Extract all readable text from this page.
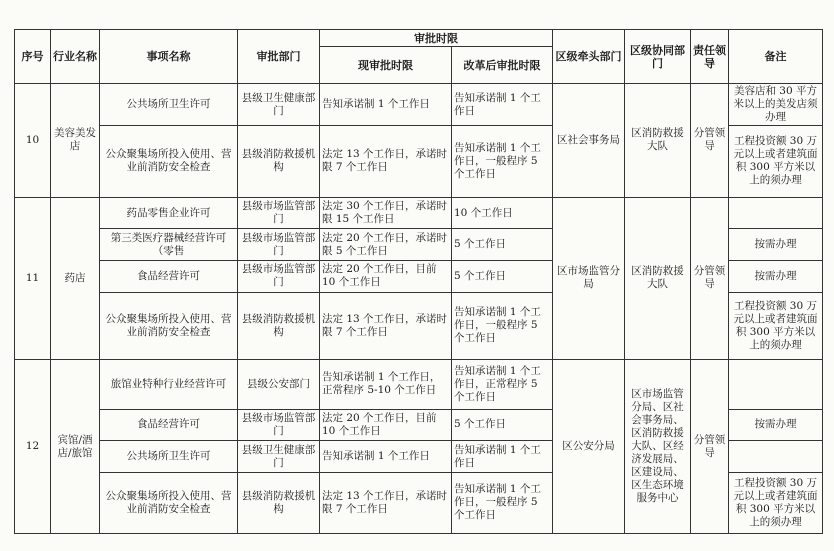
序号	行业名称	事项名称	审批部门	审批时限		区级牵头部门	区级协同部门	责任领导	备注
				现审批时限	改革后审批时限				
10	美容美发店	公共场所卫生许可	县级卫生健康部门	告知承诺制 1 个工作日	告知承诺制 1 个工作日	区社会事务局	区消防救援大队	分管领导	美容店和 30 平方米以上的美发店须办理
		公众聚集场所投入使用、营业前消防安全检查	县级消防救援机构	法定 13 个工作日，承诺时限 7 个工作日	告知承诺制 1 个工作日，一般程序 5 个工作日				工程投资额 30 万元以上或者建筑面积 300 平方米以上的须办理
11	药店	药品零售企业许可	县级市场监管部门	法定 30 个工作日，承诺时限 15 个工作日	10 个工作日	区市场监管分局	区消防救援大队	分管领导	
		第三类医疗器械经营许可（零售	县级市场监管部门	法定 20 个工作日，承诺时限 5 个工作日	5 个工作日				按需办理
		食品经营许可	县级市场监管部门	法定 20 个工作日，目前 10 个工作日	5 个工作日				按需办理
		公众聚集场所投入使用、营业前消防安全检查	县级消防救援机构	法定 13 个工作日，承诺时限 7 个工作日	告知承诺制 1 个工作日，一般程序 5 个工作日				工程投资额 30 万元以上或者建筑面积 300 平方米以上的须办理
12	宾馆/酒店/旅馆	旅馆业特种行业经营许可	县级公安部门	告知承诺制 1 个工作日，正常程序 5-10 个工作日	告知承诺制 1 个工作日，正常程序 5 个工作日	区公安分局	区市场监管分局、区社会事务局、区消防救援大队、区经济发展局、区建设局、区生态环境服务中心	分管领导	
		食品经营许可	县级市场监管部门	法定 20 个工作日，目前 10 个工作日	5 个工作日				按需办理
		公共场所卫生许可	县级卫生健康部门	告知承诺制 1 个工作日	告知承诺制 1 个工作日				
		公众聚集场所投入使用、营业前消防安全检查	县级消防救援机构	法定 13 个工作日，承诺时限 7 个工作日	告知承诺制 1 个工作日，一般程序 5 个工作日				工程投资额 30 万元以上或者建筑面积 300 平方米以上的须办理
